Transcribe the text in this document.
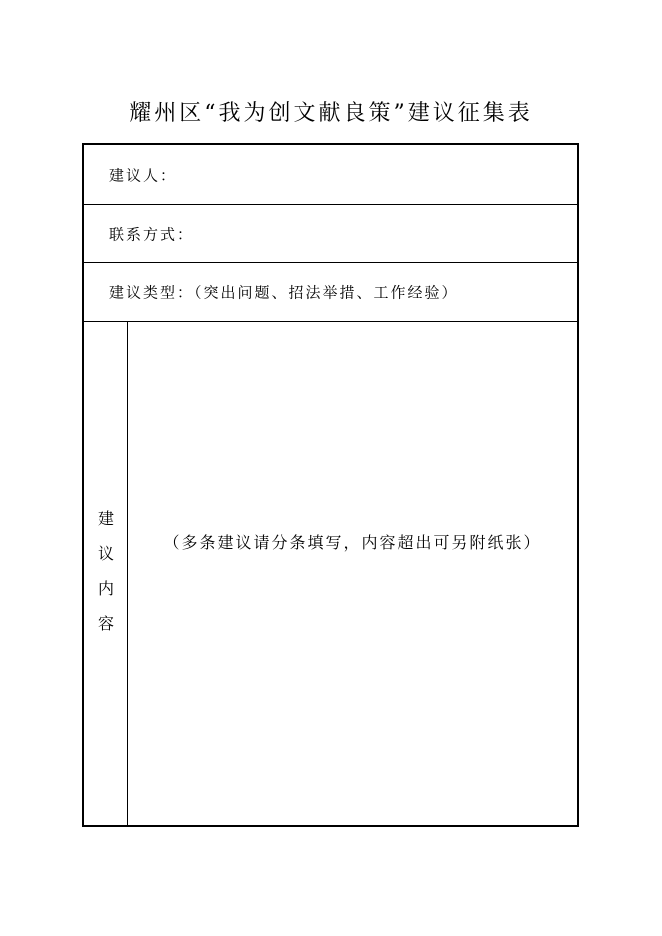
耀州区“我为创文献良策”建议征集表
建议人：
联系方式：
建议类型：（突出问题、招法举措、工作经验）
建
议
内
容
（多条建议请分条填写，内容超出可另附纸张）
